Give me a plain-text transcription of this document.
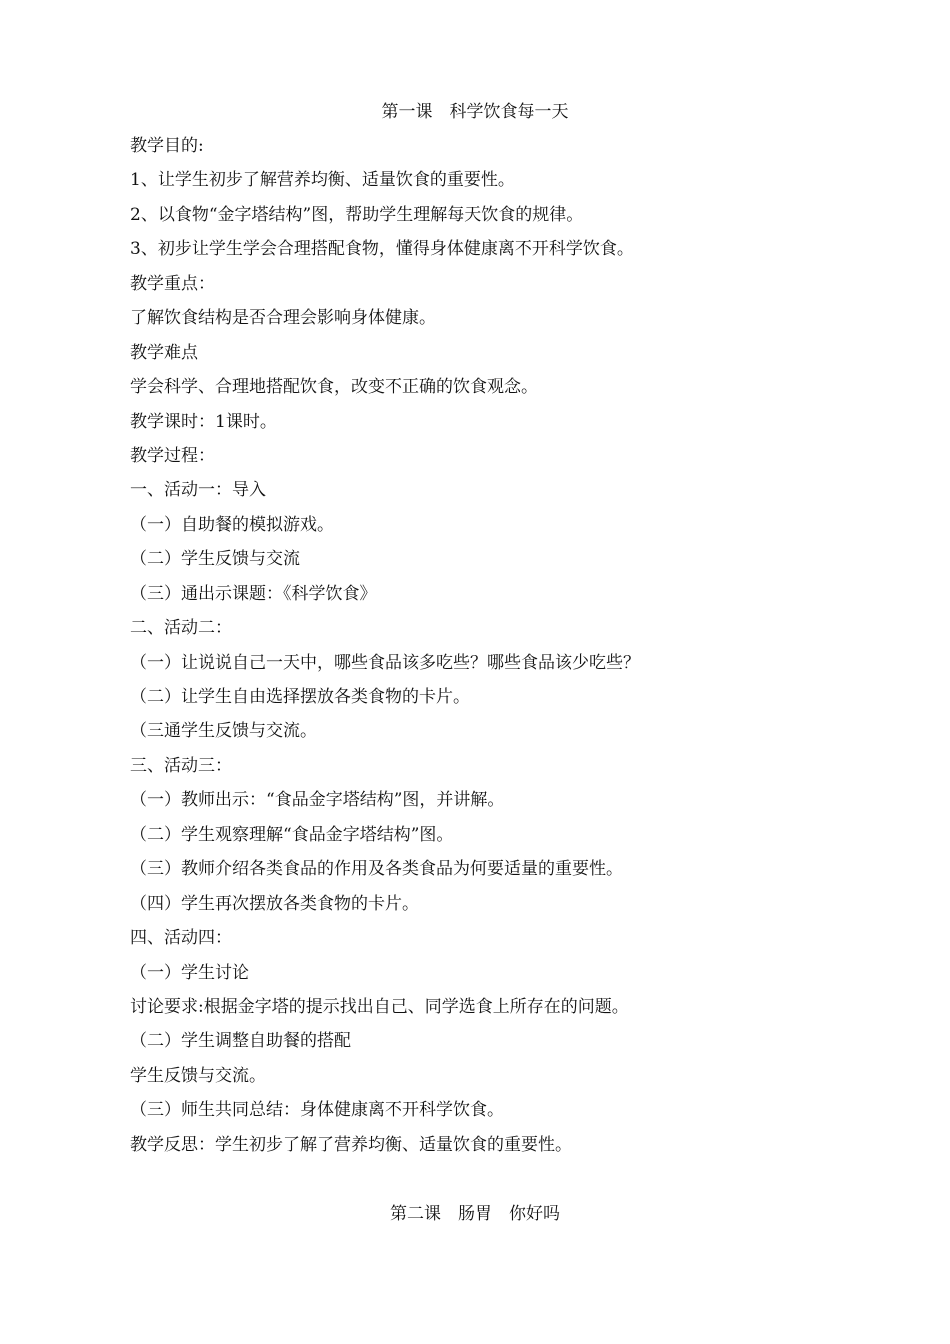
第一课　科学饮食每一天
教学目的:
1、让学生初步了解营养均衡、适量饮食的重要性。
2、以食物“金字塔结构”图，帮助学生理解每天饮食的规律。
3、初步让学生学会合理搭配食物，懂得身体健康离不开科学饮食。
教学重点：
了解饮食结构是否合理会影响身体健康。
教学难点
学会科学、合理地搭配饮食，改变不正确的饮食观念。
教学课时：1课时。
教学过程：
一、活动一：导入
（一）自助餐的模拟游戏。
（二）学生反馈与交流
（三）通出示课题：《科学饮食》
二、活动二：
（一）让说说自己一天中，哪些食品该多吃些？哪些食品该少吃些？
（二）让学生自由选择摆放各类食物的卡片。
（三通学生反馈与交流。
三、活动三：
（一）教师出示：“食品金字塔结构”图，并讲解。
（二）学生观察理解“食品金字塔结构”图。
（三）教师介绍各类食品的作用及各类食品为何要适量的重要性。
（四）学生再次摆放各类食物的卡片。
四、活动四：
（一）学生讨论
讨论要求:根据金字塔的提示找出自己、同学选食上所存在的问题。
（二）学生调整自助餐的搭配
学生反馈与交流。
（三）师生共同总结：身体健康离不开科学饮食。
教学反思：学生初步了解了营养均衡、适量饮食的重要性。
第二课　肠胃　你好吗
